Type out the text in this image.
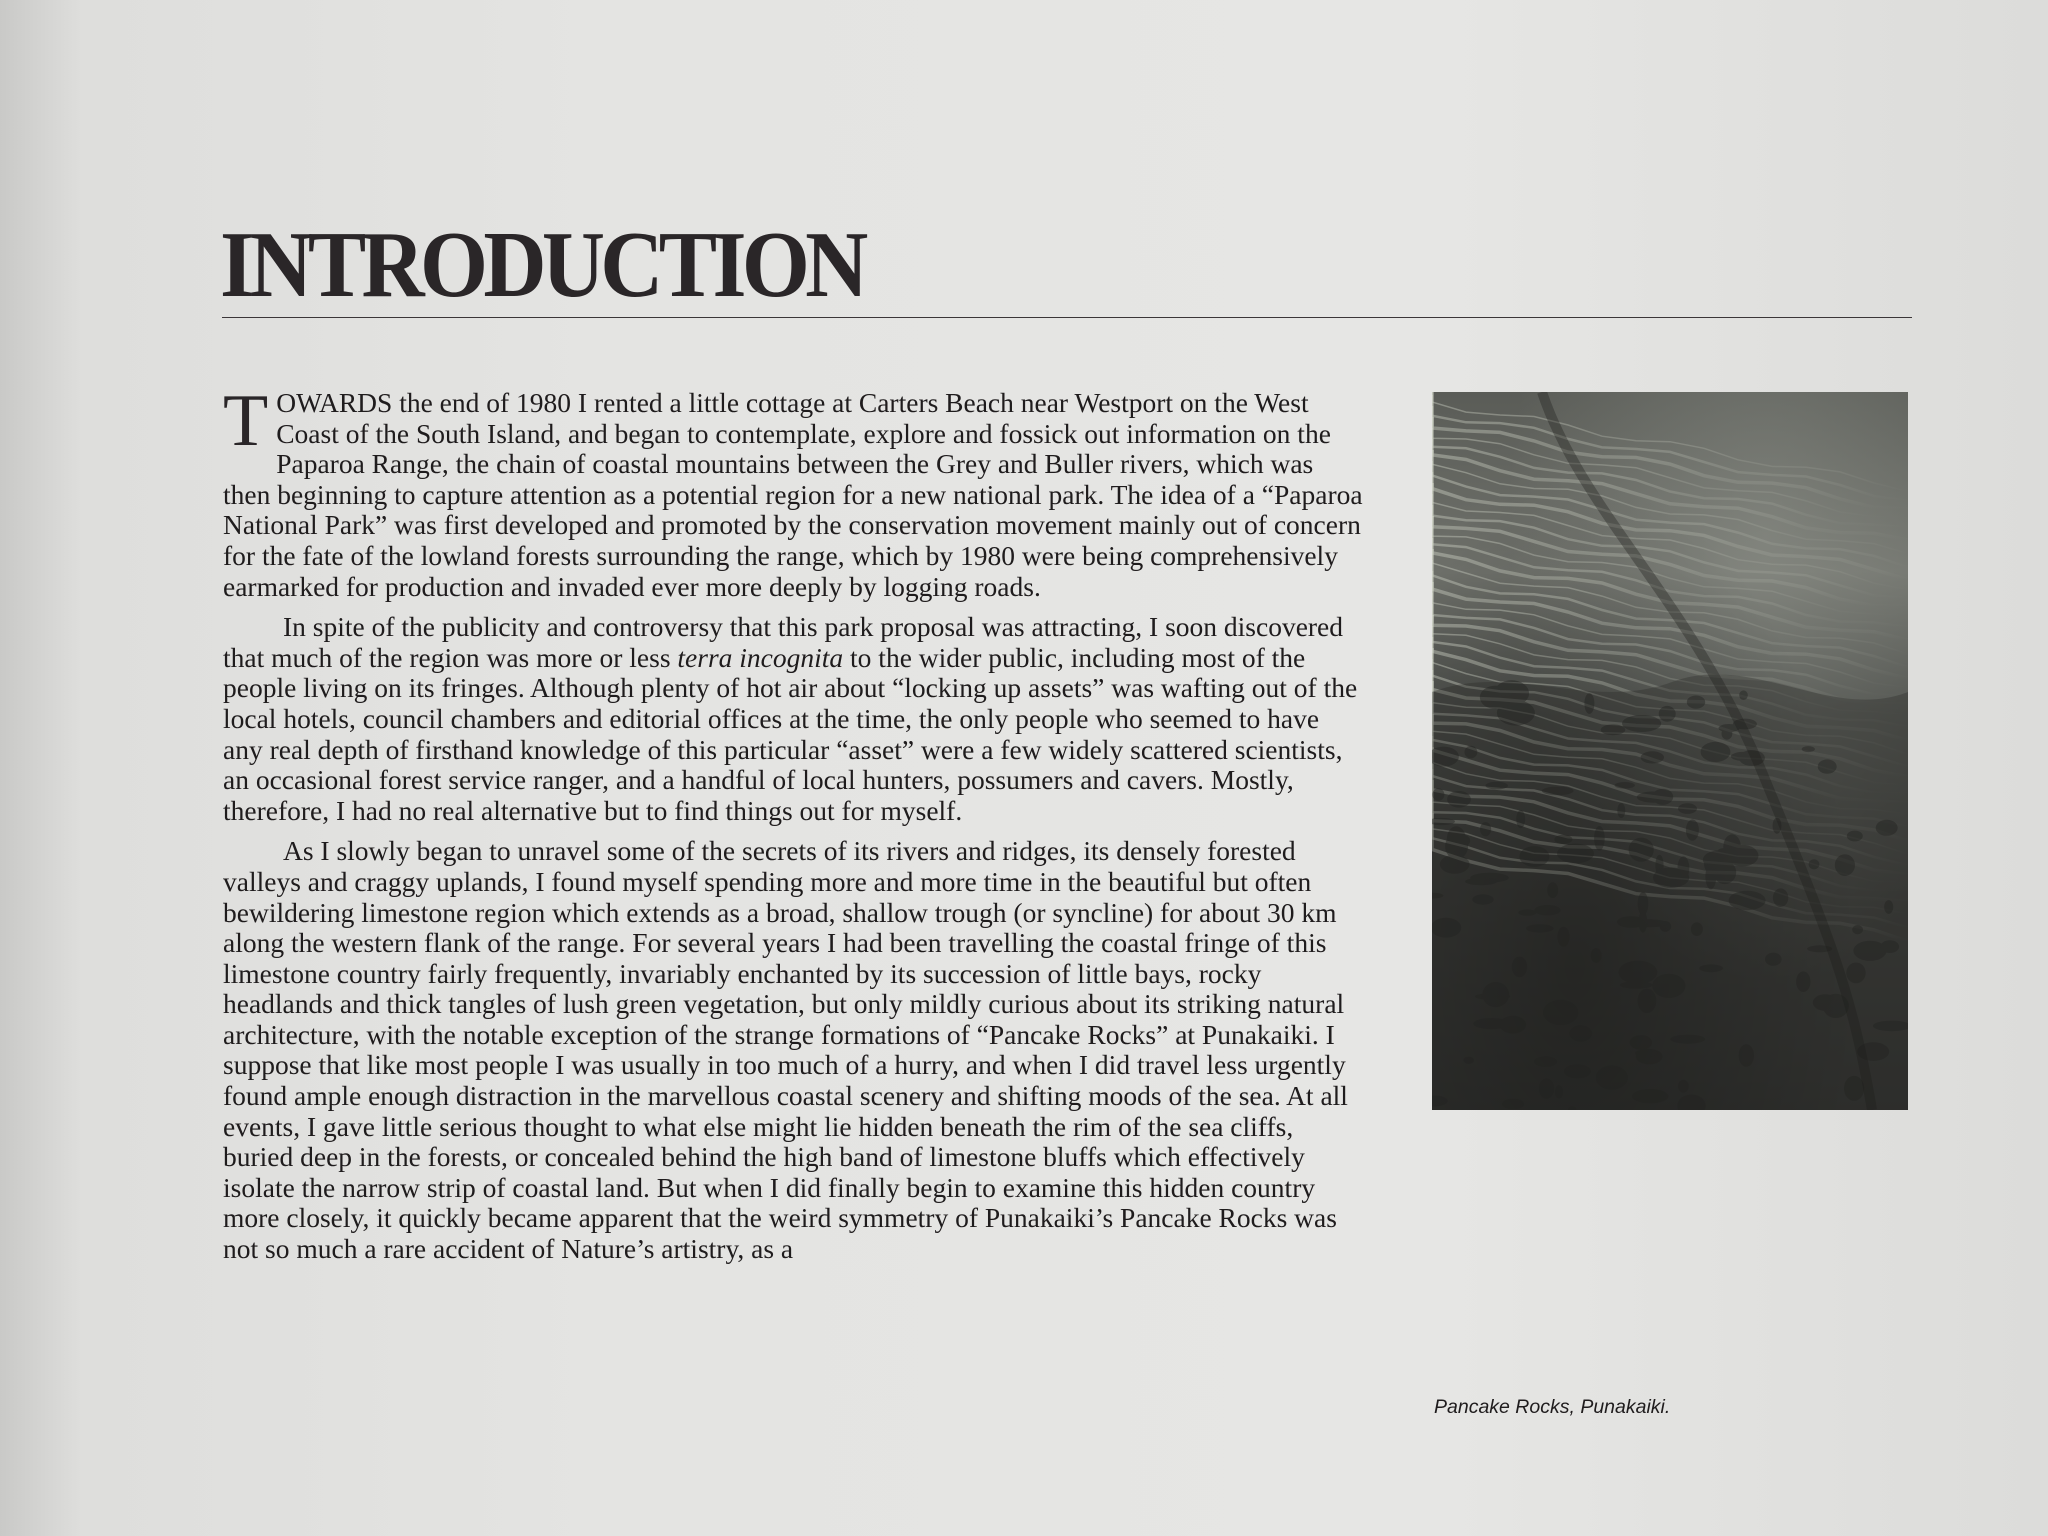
INTRODUCTION

TOWARDS the end of 1980 I rented a little cottage at Carters Beach near Westport on the West Coast of the South Island, and began to contemplate, explore and fossick out information on the Paparoa Range, the chain of coastal mountains between the Grey and Buller rivers, which was then beginning to capture attention as a potential region for a new national park. The idea of a “Paparoa National Park” was first developed and promoted by the conservation movement mainly out of concern for the fate of the lowland forests surrounding the range, which by 1980 were being comprehensively earmarked for production and invaded ever more deeply by logging roads.

In spite of the publicity and controversy that this park proposal was attracting, I soon discovered that much of the region was more or less terra incognita to the wider public, including most of the people living on its fringes. Although plenty of hot air about “locking up assets” was wafting out of the local hotels, council chambers and editorial offices at the time, the only people who seemed to have any real depth of firsthand knowledge of this particular “asset” were a few widely scattered scientists, an occasional forest service ranger, and a handful of local hunters, possumers and cavers. Mostly, therefore, I had no real alternative but to find things out for myself.

As I slowly began to unravel some of the secrets of its rivers and ridges, its densely forested valleys and craggy uplands, I found myself spending more and more time in the beautiful but often bewildering limestone region which extends as a broad, shallow trough (or syncline) for about 30 km along the western flank of the range. For several years I had been travelling the coastal fringe of this limestone country fairly frequently, invariably enchanted by its succession of little bays, rocky headlands and thick tangles of lush green vegetation, but only mildly curious about its striking natural architecture, with the notable exception of the strange formations of “Pancake Rocks” at Punakaiki. I suppose that like most people I was usually in too much of a hurry, and when I did travel less urgently found ample enough distraction in the marvellous coastal scenery and shifting moods of the sea. At all events, I gave little serious thought to what else might lie hidden beneath the rim of the sea cliffs, buried deep in the forests, or concealed behind the high band of limestone bluffs which effectively isolate the narrow strip of coastal land. But when I did finally begin to examine this hidden country more closely, it quickly became apparent that the weird symmetry of Punakaiki’s Pancake Rocks was not so much a rare accident of Nature’s artistry, as a

Pancake Rocks, Punakaiki.
